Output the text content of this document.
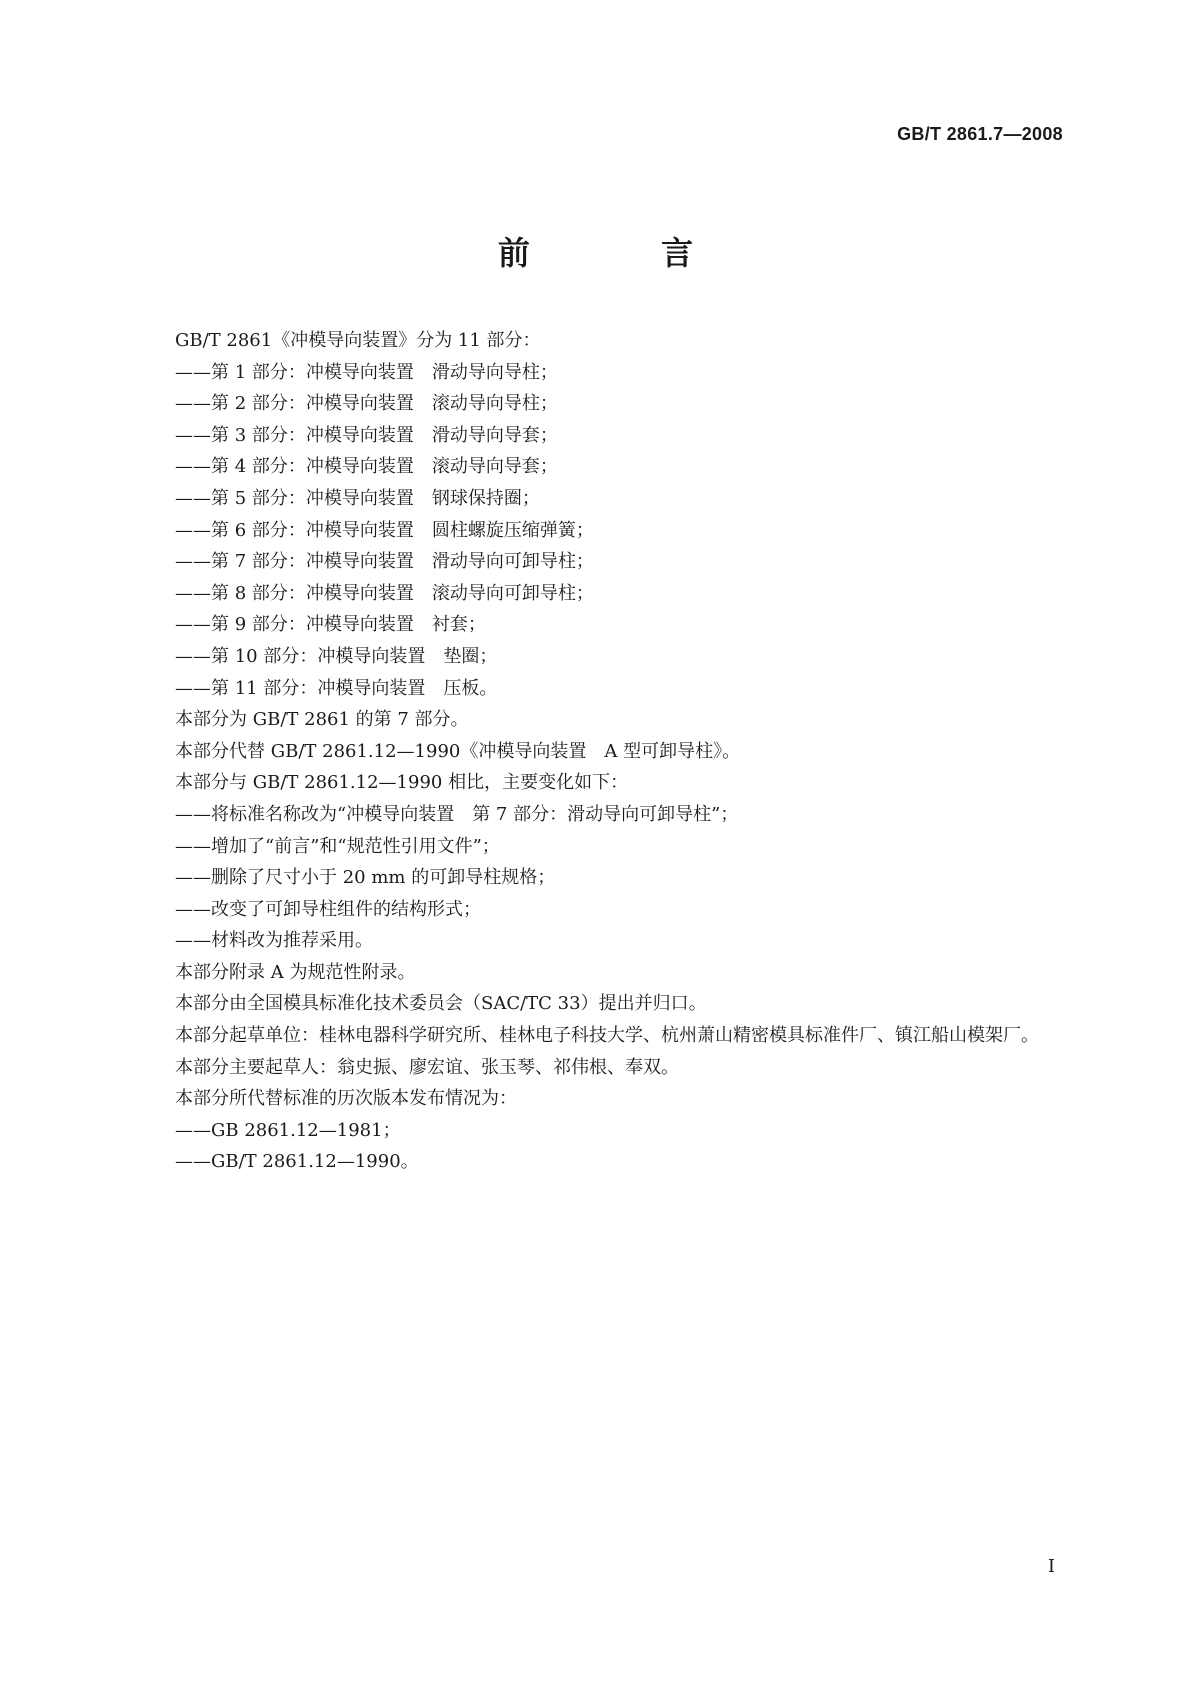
GB/T 2861.7—2008
前 言
GB/T 2861《冲模导向装置》分为 11 部分：
——第 1 部分：冲模导向装置　滑动导向导柱；
——第 2 部分：冲模导向装置　滚动导向导柱；
——第 3 部分：冲模导向装置　滑动导向导套；
——第 4 部分：冲模导向装置　滚动导向导套；
——第 5 部分：冲模导向装置　钢球保持圈；
——第 6 部分：冲模导向装置　圆柱螺旋压缩弹簧；
——第 7 部分：冲模导向装置　滑动导向可卸导柱；
——第 8 部分：冲模导向装置　滚动导向可卸导柱；
——第 9 部分：冲模导向装置　衬套；
——第 10 部分：冲模导向装置　垫圈；
——第 11 部分：冲模导向装置　压板。
本部分为 GB/T 2861 的第 7 部分。
本部分代替 GB/T 2861.12—1990《冲模导向装置　A 型可卸导柱》。
本部分与 GB/T 2861.12—1990 相比，主要变化如下：
——将标准名称改为“冲模导向装置　第 7 部分：滑动导向可卸导柱”；
——增加了“前言”和“规范性引用文件”；
——删除了尺寸小于 20 mm 的可卸导柱规格；
——改变了可卸导柱组件的结构形式；
——材料改为推荐采用。
本部分附录 A 为规范性附录。
本部分由全国模具标准化技术委员会（SAC/TC 33）提出并归口。
本部分起草单位：桂林电器科学研究所、桂林电子科技大学、杭州萧山精密模具标准件厂、镇江船山模架厂。
本部分主要起草人：翁史振、廖宏谊、张玉琴、祁伟根、奉双。
本部分所代替标准的历次版本发布情况为：
——GB 2861.12—1981；
——GB/T 2861.12—1990。
I
